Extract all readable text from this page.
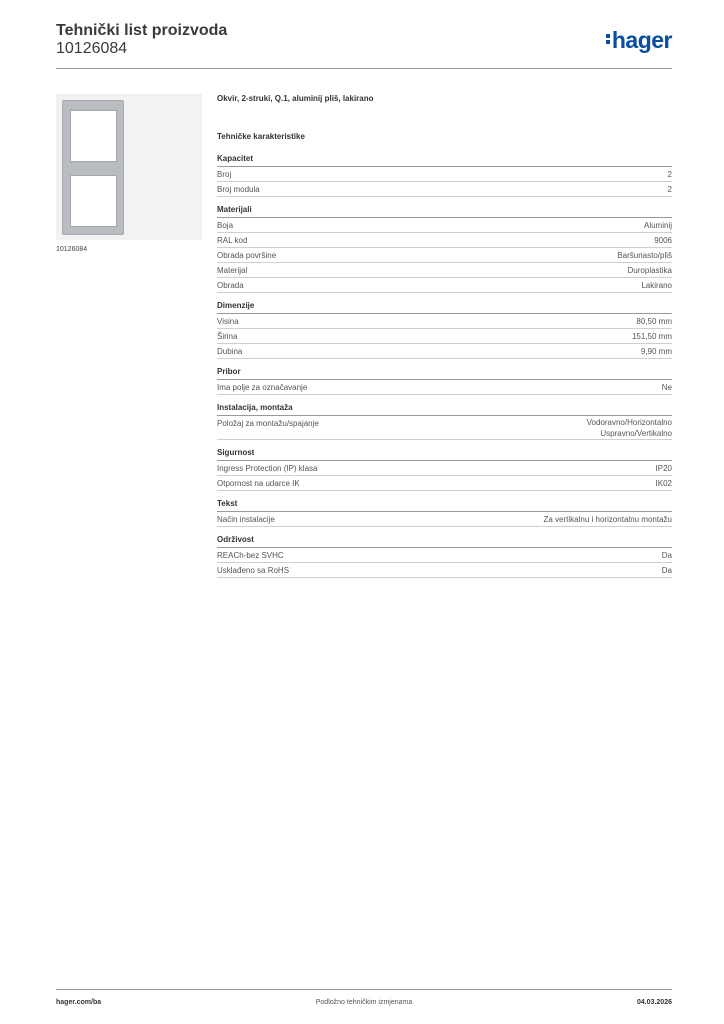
Tehnički list proizvoda
10126084	hager
10126084
Okvir, 2-struki, Q.1, aluminij pliš, lakirano
Tehničke karakteristike
Kapacitet
Broj	2
Broj modula	2
Materijali
Boja	Aluminij
RAL kod	9006
Obrada površine	Baršunasto/pliš
Materijal	Duroplastika
Obrada	Lakirano
Dimenzije
Visina	80,50 mm
Širina	151,50 mm
Dubina	9,90 mm
Pribor
Ima polje za označavanje	Ne
Instalacija, montaža
Položaj za montažu/spajanje	Vodoravno/Horizontalno
Uspravno/Vertikalno
Sigurnost
Ingress Protection (IP) klasa	IP20
Otpornost na udarce IK	IK02
Tekst
Način instalacije	Za vertikalnu i horizontalnu montažu
Održivost
REACh-bez SVHC	Da
Usklađeno sa RoHS	Da
hager.com/ba	Podložno tehničkim izmjenama	04.03.2026
